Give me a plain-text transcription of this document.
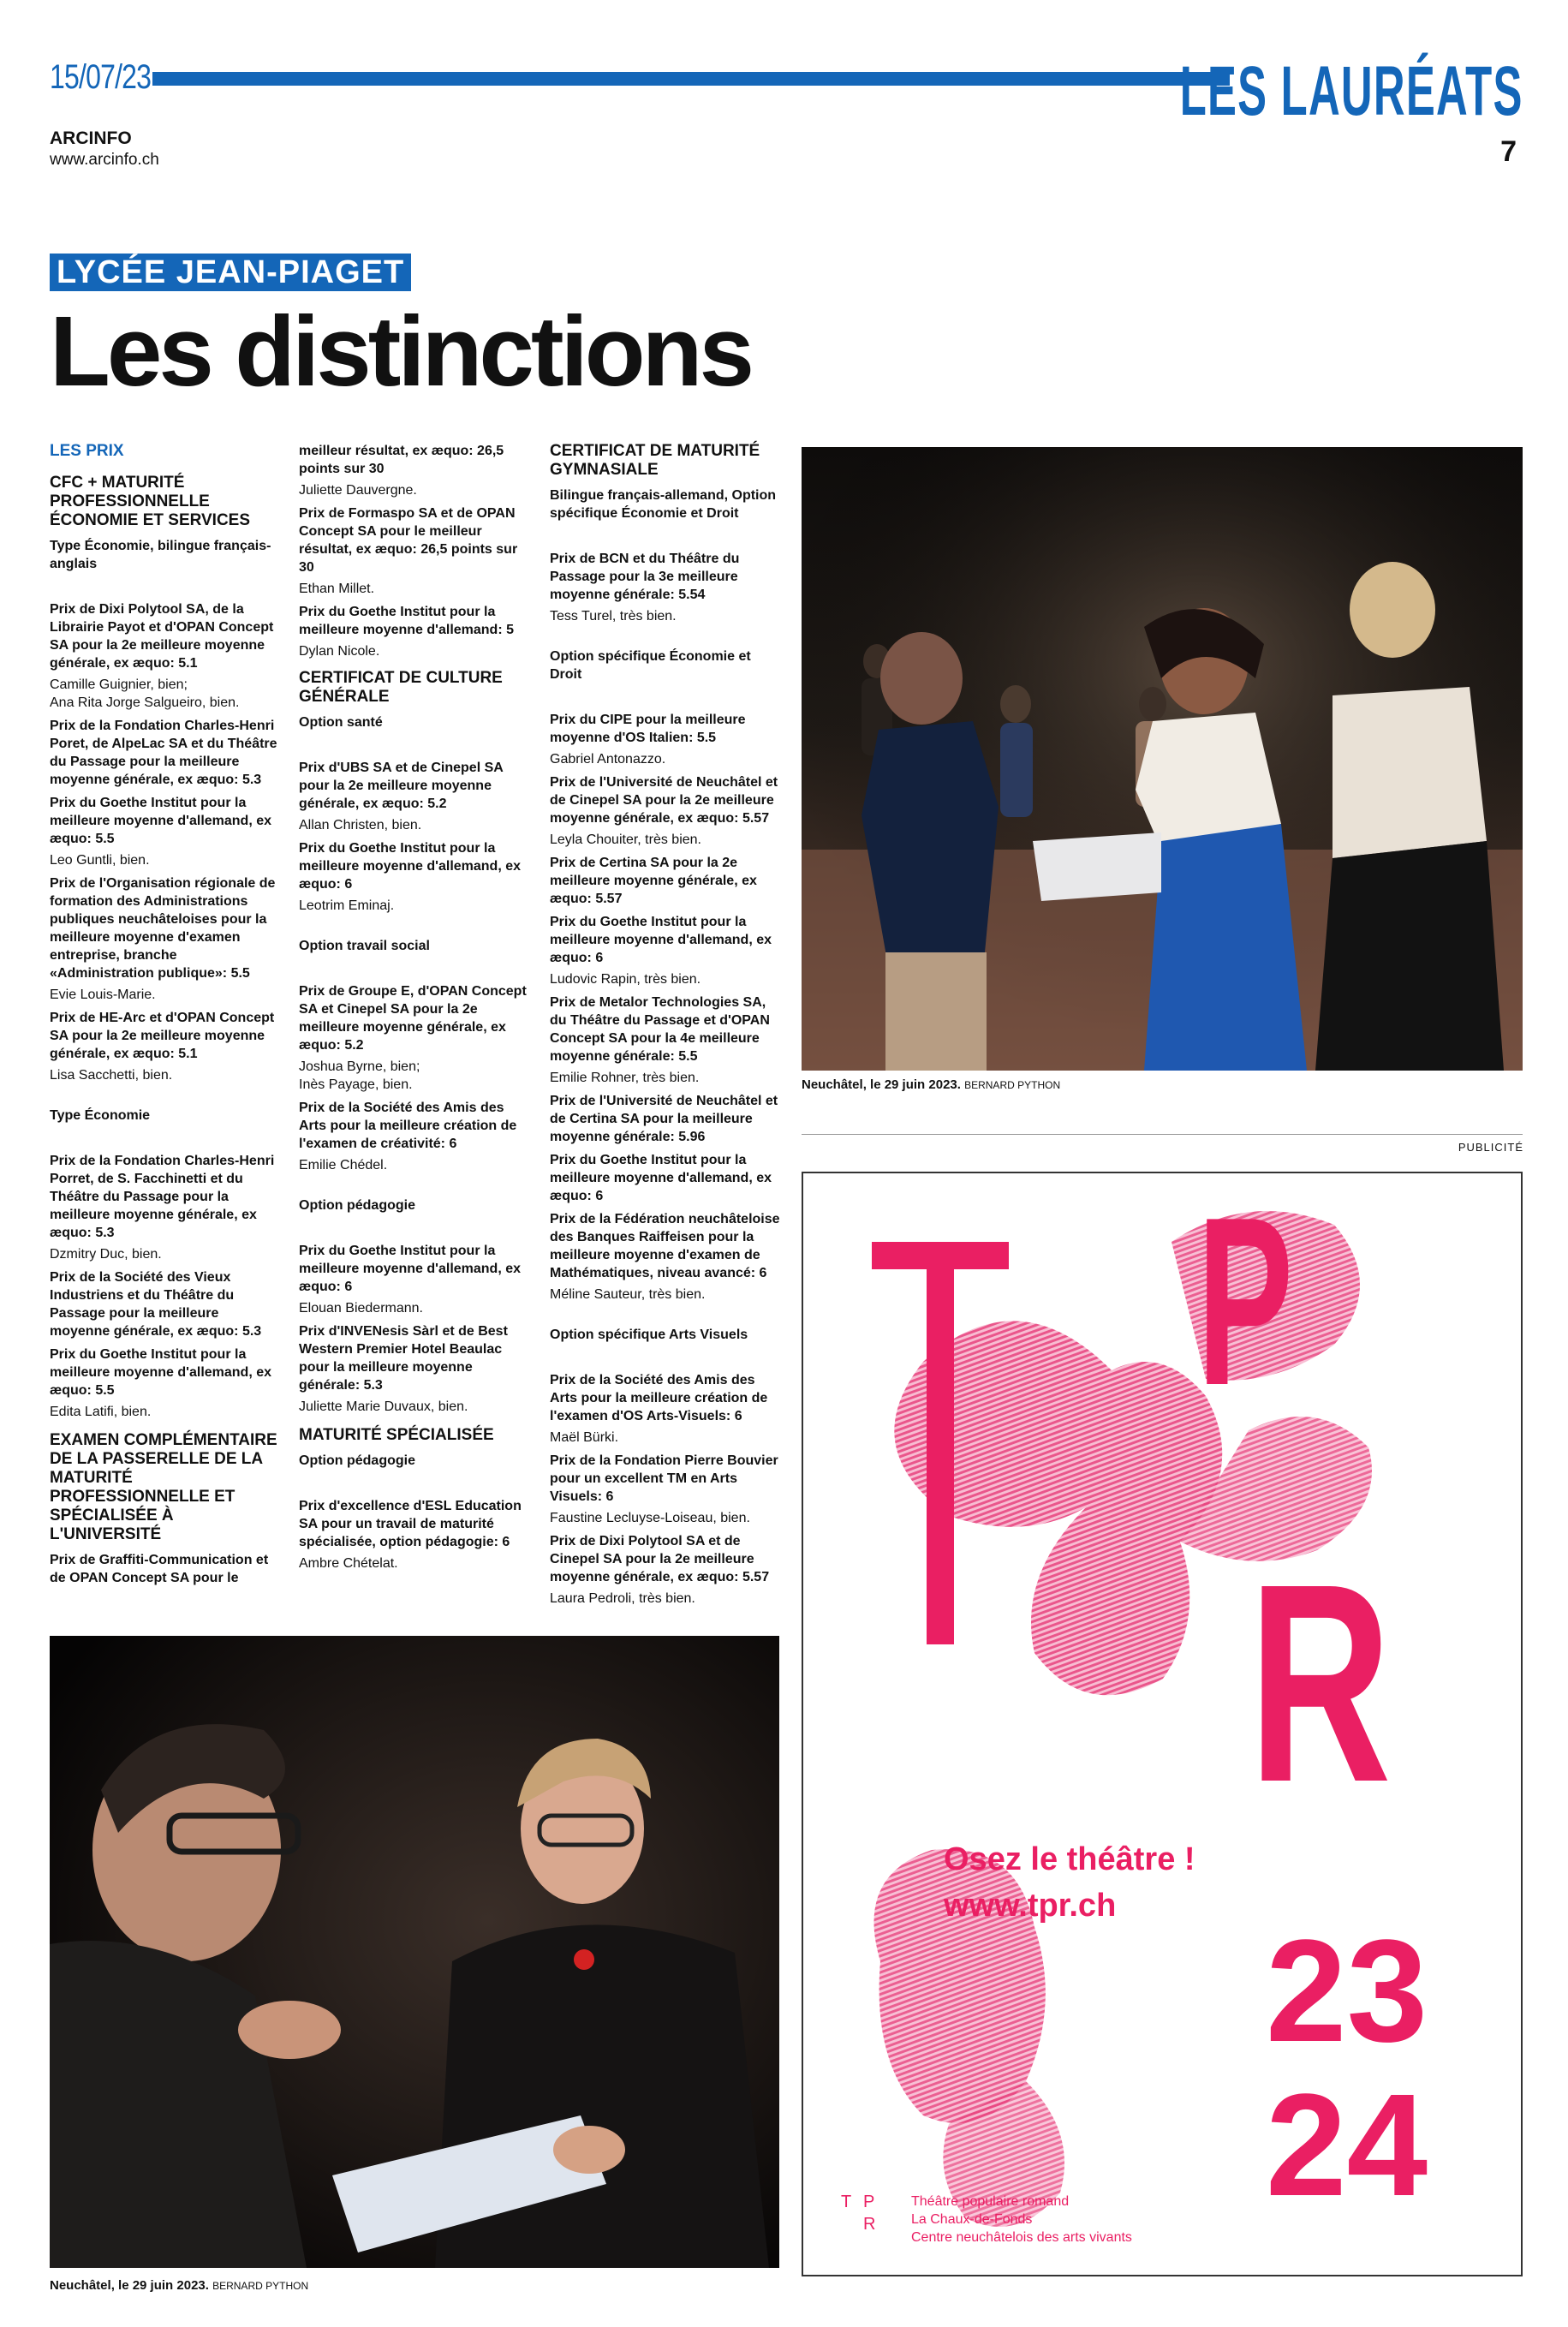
15/07/23	LES LAURÉATS
ARCINFO
www.arcinfo.ch	7
LYCÉE JEAN-PIAGET
Les distinctions
LES PRIX
CFC + MATURITÉ PROFESSIONNELLE ÉCONOMIE ET SERVICES
Type Économie, bilingue français-anglais
Prix de Dixi Polytool SA, de la Librairie Payot et d'OPAN Concept SA pour la 2e meilleure moyenne générale, ex æquo: 5.1
Camille Guignier, bien;
Ana Rita Jorge Salgueiro, bien.
Prix de la Fondation Charles-Henri Poret, de AlpeLac SA et du Théâtre du Passage pour la meilleure moyenne générale, ex æquo: 5.3
Prix du Goethe Institut pour la meilleure moyenne d'allemand, ex æquo: 5.5
Leo Guntli, bien.
Prix de l'Organisation régionale de formation des Administrations publiques neuchâteloises pour la meilleure moyenne d'examen entreprise, branche «Administration publique»: 5.5
Evie Louis-Marie.
Prix de HE-Arc et d'OPAN Concept SA pour la 2e meilleure moyenne générale, ex æquo: 5.1
Lisa Sacchetti, bien.
Type Économie
Prix de la Fondation Charles-Henri Porret, de S. Facchinetti et du Théâtre du Passage pour la meilleure moyenne générale, ex æquo: 5.3
Dzmitry Duc, bien.
Prix de la Société des Vieux Industriens et du Théâtre du Passage pour la meilleure moyenne générale, ex æquo: 5.3
Prix du Goethe Institut pour la meilleure moyenne d'allemand, ex æquo: 5.5
Edita Latifi, bien.
EXAMEN COMPLÉMENTAIRE DE LA PASSERELLE DE LA MATURITÉ PROFESSIONNELLE ET SPÉCIALISÉE À L'UNIVERSITÉ
Prix de Graffiti-Communication et de OPAN Concept SA pour le
meilleur résultat, ex æquo: 26,5 points sur 30
Juliette Dauvergne.
Prix de Formaspo SA et de OPAN Concept SA pour le meilleur résultat, ex æquo: 26,5 points sur 30
Ethan Millet.
Prix du Goethe Institut pour la meilleure moyenne d'allemand: 5
Dylan Nicole.
CERTIFICAT DE CULTURE GÉNÉRALE
Option santé
Prix d'UBS SA et de Cinepel SA pour la 2e meilleure moyenne générale, ex æquo: 5.2
Allan Christen, bien.
Prix du Goethe Institut pour la meilleure moyenne d'allemand, ex æquo: 6
Leotrim Eminaj.
Option travail social
Prix de Groupe E, d'OPAN Concept SA et Cinepel SA pour la 2e meilleure moyenne générale, ex æquo: 5.2
Joshua Byrne, bien;
Inès Payage, bien.
Prix de la Société des Amis des Arts pour la meilleure création de l'examen de créativité: 6
Emilie Chédel.
Option pédagogie
Prix du Goethe Institut pour la meilleure moyenne d'allemand, ex æquo: 6
Elouan Biedermann.
Prix d'INVENesis Sàrl et de Best Western Premier Hotel Beaulac pour la meilleure moyenne générale: 5.3
Juliette Marie Duvaux, bien.
MATURITÉ SPÉCIALISÉE
Option pédagogie
Prix d'excellence d'ESL Education SA pour un travail de maturité spécialisée, option pédagogie: 6
Ambre Chételat.
CERTIFICAT DE MATURITÉ GYMNASIALE
Bilingue français-allemand, Option spécifique Économie et Droit
Prix de BCN et du Théâtre du Passage pour la 3e meilleure moyenne générale: 5.54
Tess Turel, très bien.
Option spécifique Économie et Droit
Prix du CIPE pour la meilleure moyenne d'OS Italien: 5.5
Gabriel Antonazzo.
Prix de l'Université de Neuchâtel et de Cinepel SA pour la 2e meilleure moyenne générale, ex æquo: 5.57
Leyla Chouiter, très bien.
Prix de Certina SA pour la 2e meilleure moyenne générale, ex æquo: 5.57
Prix du Goethe Institut pour la meilleure moyenne d'allemand, ex æquo: 6
Ludovic Rapin, très bien.
Prix de Metalor Technologies SA, du Théâtre du Passage et d'OPAN Concept SA pour la 4e meilleure moyenne générale: 5.5
Emilie Rohner, très bien.
Prix de l'Université de Neuchâtel et de Certina SA pour la meilleure moyenne générale: 5.96
Prix du Goethe Institut pour la meilleure moyenne d'allemand, ex æquo: 6
Prix de la Fédération neuchâteloise des Banques Raiffeisen pour la meilleure moyenne d'examen de Mathématiques, niveau avancé: 6
Méline Sauteur, très bien.
Option spécifique Arts Visuels
Prix de la Société des Amis des Arts pour la meilleure création de l'examen d'OS Arts-Visuels: 6
Maël Bürki.
Prix de la Fondation Pierre Bouvier pour un excellent TM en Arts Visuels: 6
Faustine Lecluyse-Loiseau, bien.
Prix de Dixi Polytool SA et de Cinepel SA pour la 2e meilleure moyenne générale, ex æquo: 5.57
Laura Pedroli, très bien.
Neuchâtel, le 29 juin 2023. BERNARD PYTHON
PUBLICITÉ
P
R
Osez le théâtre !
www.tpr.ch
23
24
T P
R
Théâtre populaire romand
La Chaux-de-Fonds
Centre neuchâtelois des arts vivants
Neuchâtel, le 29 juin 2023. BERNARD PYTHON
